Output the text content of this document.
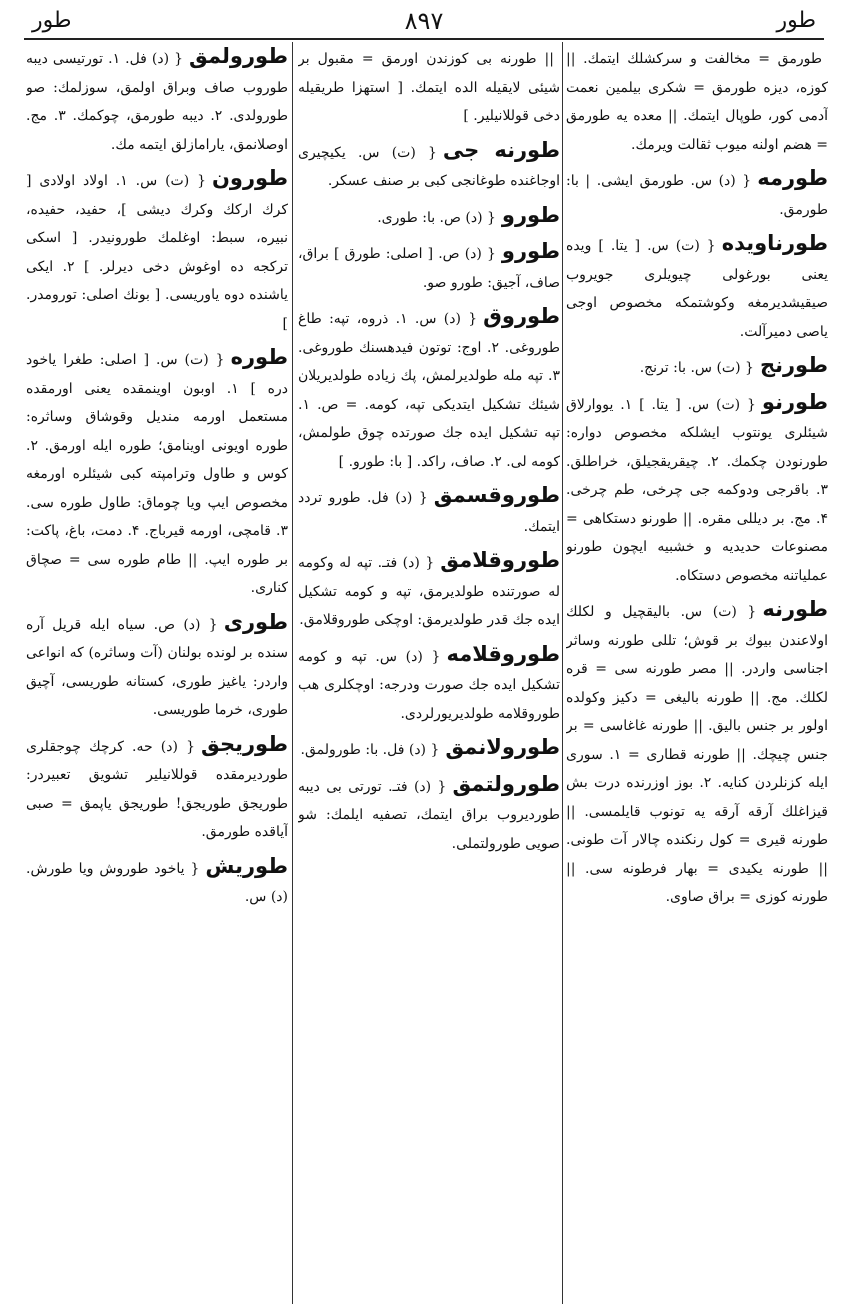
طور	۸۹۷	طور
طورمق = مخالفت و سرکشلك ایتمك. || کوزه، دیزه طورمق = شکری بیلمین نعمت آدمی کور، طوپال ایتمك. || معده یه طورمق = هضم اولنه میوب ثقالت ویرمك.
طورمه{ (د) س. طورمق ایشی. | با: طورمق.
طورناویده{ (ت) س. [ یتا. ] ویده یعنی بورغولی چیویلری جویروب صیقیشدیرمغه وکوشتمکه مخصوص اوجی یاصی دمیرآلت.
طورنج{ (ت) س. با: ترنج.
طورنو{ (ت) س. [ یتا. ] ۱. یووارلاق شیئلری یونتوب ایشلکه مخصوص دواره: طورنودن چکمك. ۲. چیقریقجیلق، خراطلق. ۳. باقرجی ودوکمه جی چرخی، طم چرخی. ۴. مج. بر دیللی مقره. || طورنو دستکاهی = مصنوعات حدیدیه و خشبیه ایچون طورنو عملیاتنه مخصوص دستکاه.
طورنه{ (ت) س. بالیقچیل و لکلك اولاعندن بیوك بر قوش؛ تللی طورنه وساثر اجناسی واردر. || مصر طورنه سی = قره لکلك. مج. || طورنه بالیغی = دکیز وکولده اولور بر جنس بالیق. || طورنه غاغاسی = بر جنس چیچك. || طورنه قطاری = ۱. سوری ایله کزنلردن کنایه. ۲. بوز اوزرنده درت بش قیزاغلك آرقه آرقه یه تونوب قایلمسی. || طورنه قیری = کول رنکنده چالار آت طونی. || طورنه یکیدی = بهار فرطونه سی. || طورنه کوزی = براق صاوی.
|| طورنه بی کوزندن اورمق = مقبول بر شیئی لایقیله الده ایتمك. [ استهزا طریقیله دخی قوللانیلیر. ]
طورنه جی{ (ت) س. یکیچیری اوجاغنده طوغانجی کبی بر صنف عسکر.
طورو{ (د) ص. با: طوری.
طورو{ (د) ص. [ اصلی: طورق ] براق، صاف، آجیق: طورو صو.
طوروق{ (د) س. ۱. ذروه، تپه: طاغ طوروغی. ۲. اوج: توتون فیدهسنك طوروغی. ۳. تپه مله طولدیرلمش، پك زیاده طولدیریلان شیئك تشکیل ایتدیکی تپه، کومه. = ص. ۱. تپه تشکیل ایده جك صورتده چوق طولمش، کومه لی. ۲. صاف، راکد. [ با: طورو. ]
طوروقسمق{ (د) فل. طورو تردد ایتمك.
طوروقلامق{ (د) فتـ. تپه له وکومه له صورتنده طولدیرمق، تپه و کومه تشکیل ایده جك قدر طولدیرمق: اوچکی طوروقلامق.
طوروقلامه{ (د) س. تپه و کومه تشکیل ایده جك صورت ودرجه: اوچکلری هب طوروقلامه طولدیریورلردی.
طورولانمق{ (د) فل. با: طورولمق.
طورولتمق{ (د) فتـ. تورتی بی دیبه طوردیروب براق ایتمك، تصفیه ایلمك: شو صویی طورولتملی.
طورولمق{ (د) فل. ۱. تورتیسی دیبه طوروب صاف وبراق اولمق، سوزلمك: صو طورولدی. ۲. دیبه طورمق، چوکمك. ۳. مج. اوصلانمق، یارامازلق ایتمه مك.
طورون{ (ت) س. ۱. اولاد اولادی [ کرك اركك وکرك دیشی ]، حفید، حفیده، نبیره، سبط: اوغلمك طورونیدر. [ اسکی ترکجه ده اوغوش دخی دیرلر. ] ۲. ایکی یاشنده دوه یاوریسی. [ بونك اصلی: تورومدر. ]
طوره{ (ت) س. [ اصلی: طغرا یاخود دره ] ۱. اوبون اوینمقده یعنی اورمقده مستعمل اورمه مندیل وقوشاق وساثره: طوره اویونی اوینامق؛ طوره ایله اورمق. ۲. کوس و طاول وترامپته کبی شیئلره اورمغه مخصوص ایپ ویا چوماق: طاول طوره سی. ۳. قامچی، اورمه قیرباج. ۴. دمت، باغ، پاکت: بر طوره ایپ. || طام طوره سی = صچاق کناری.
طوری{ (د) ص. سیاه ایله قریل آره سنده بر لونده بولنان (آت وساثره) که انواعی واردر: یاغیز طوری، کستانه طوریسی، آچیق طوری، خرما طوریسی.
طوریجق{ (د) حه. کرچك چوجقلری طوردیرمقده قوللانیلیر تشویق تعبیردر: طوریجق طوریجق! طوریجق یاپمق = صبی آیاقده طورمق.
طوریش{ یاخود طوروش ویا طورش. (د) س.
